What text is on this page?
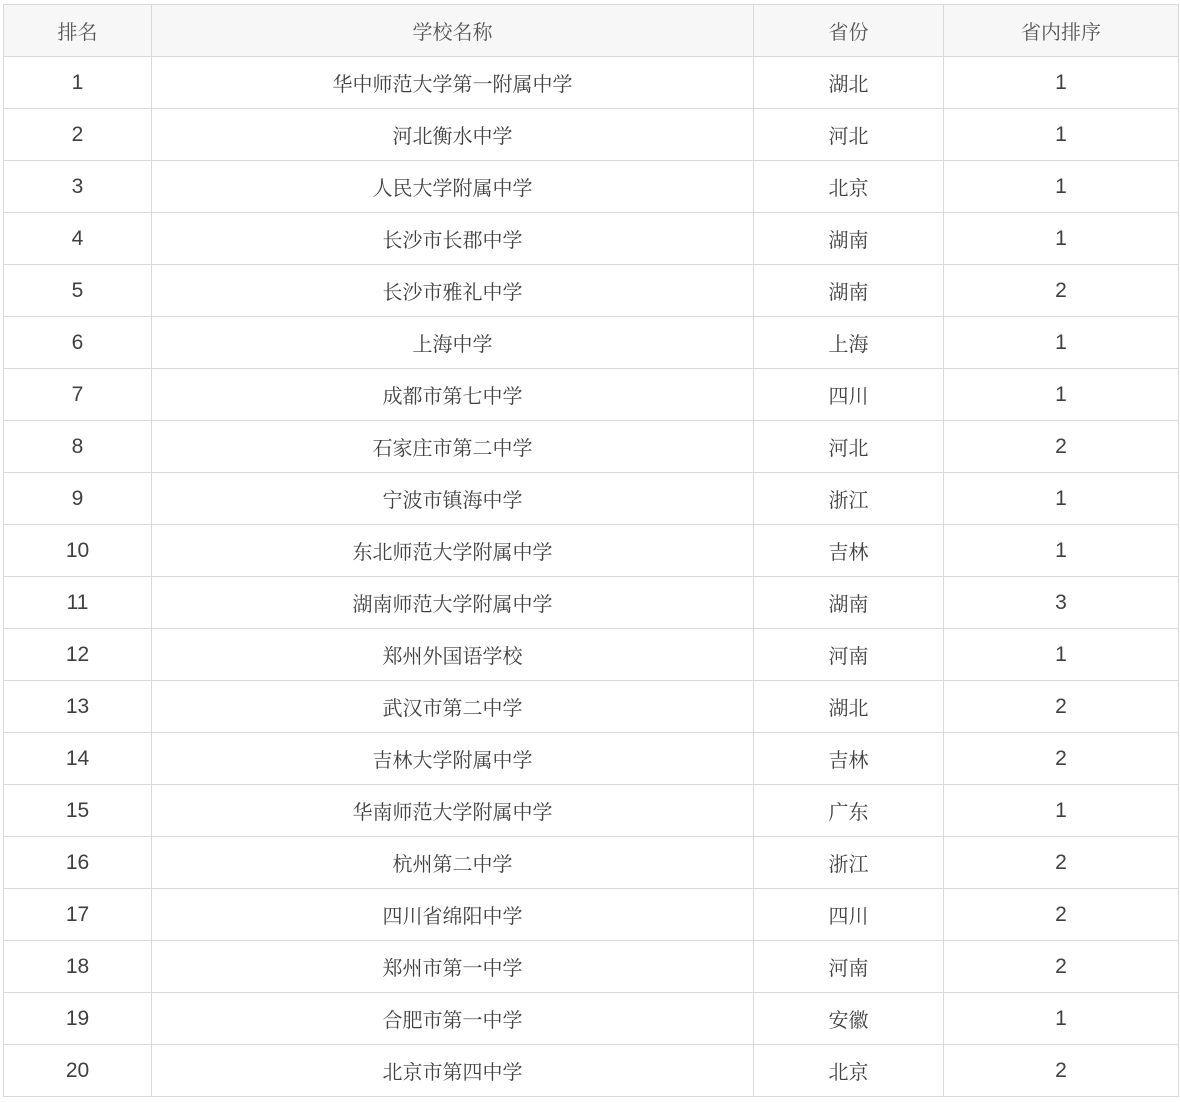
排名	学校名称	省份	省内排序
1	华中师范大学第一附属中学	湖北	1
2	河北衡水中学	河北	1
3	人民大学附属中学	北京	1
4	长沙市长郡中学	湖南	1
5	长沙市雅礼中学	湖南	2
6	上海中学	上海	1
7	成都市第七中学	四川	1
8	石家庄市第二中学	河北	2
9	宁波市镇海中学	浙江	1
10	东北师范大学附属中学	吉林	1
11	湖南师范大学附属中学	湖南	3
12	郑州外国语学校	河南	1
13	武汉市第二中学	湖北	2
14	吉林大学附属中学	吉林	2
15	华南师范大学附属中学	广东	1
16	杭州第二中学	浙江	2
17	四川省绵阳中学	四川	2
18	郑州市第一中学	河南	2
19	合肥市第一中学	安徽	1
20	北京市第四中学	北京	2
